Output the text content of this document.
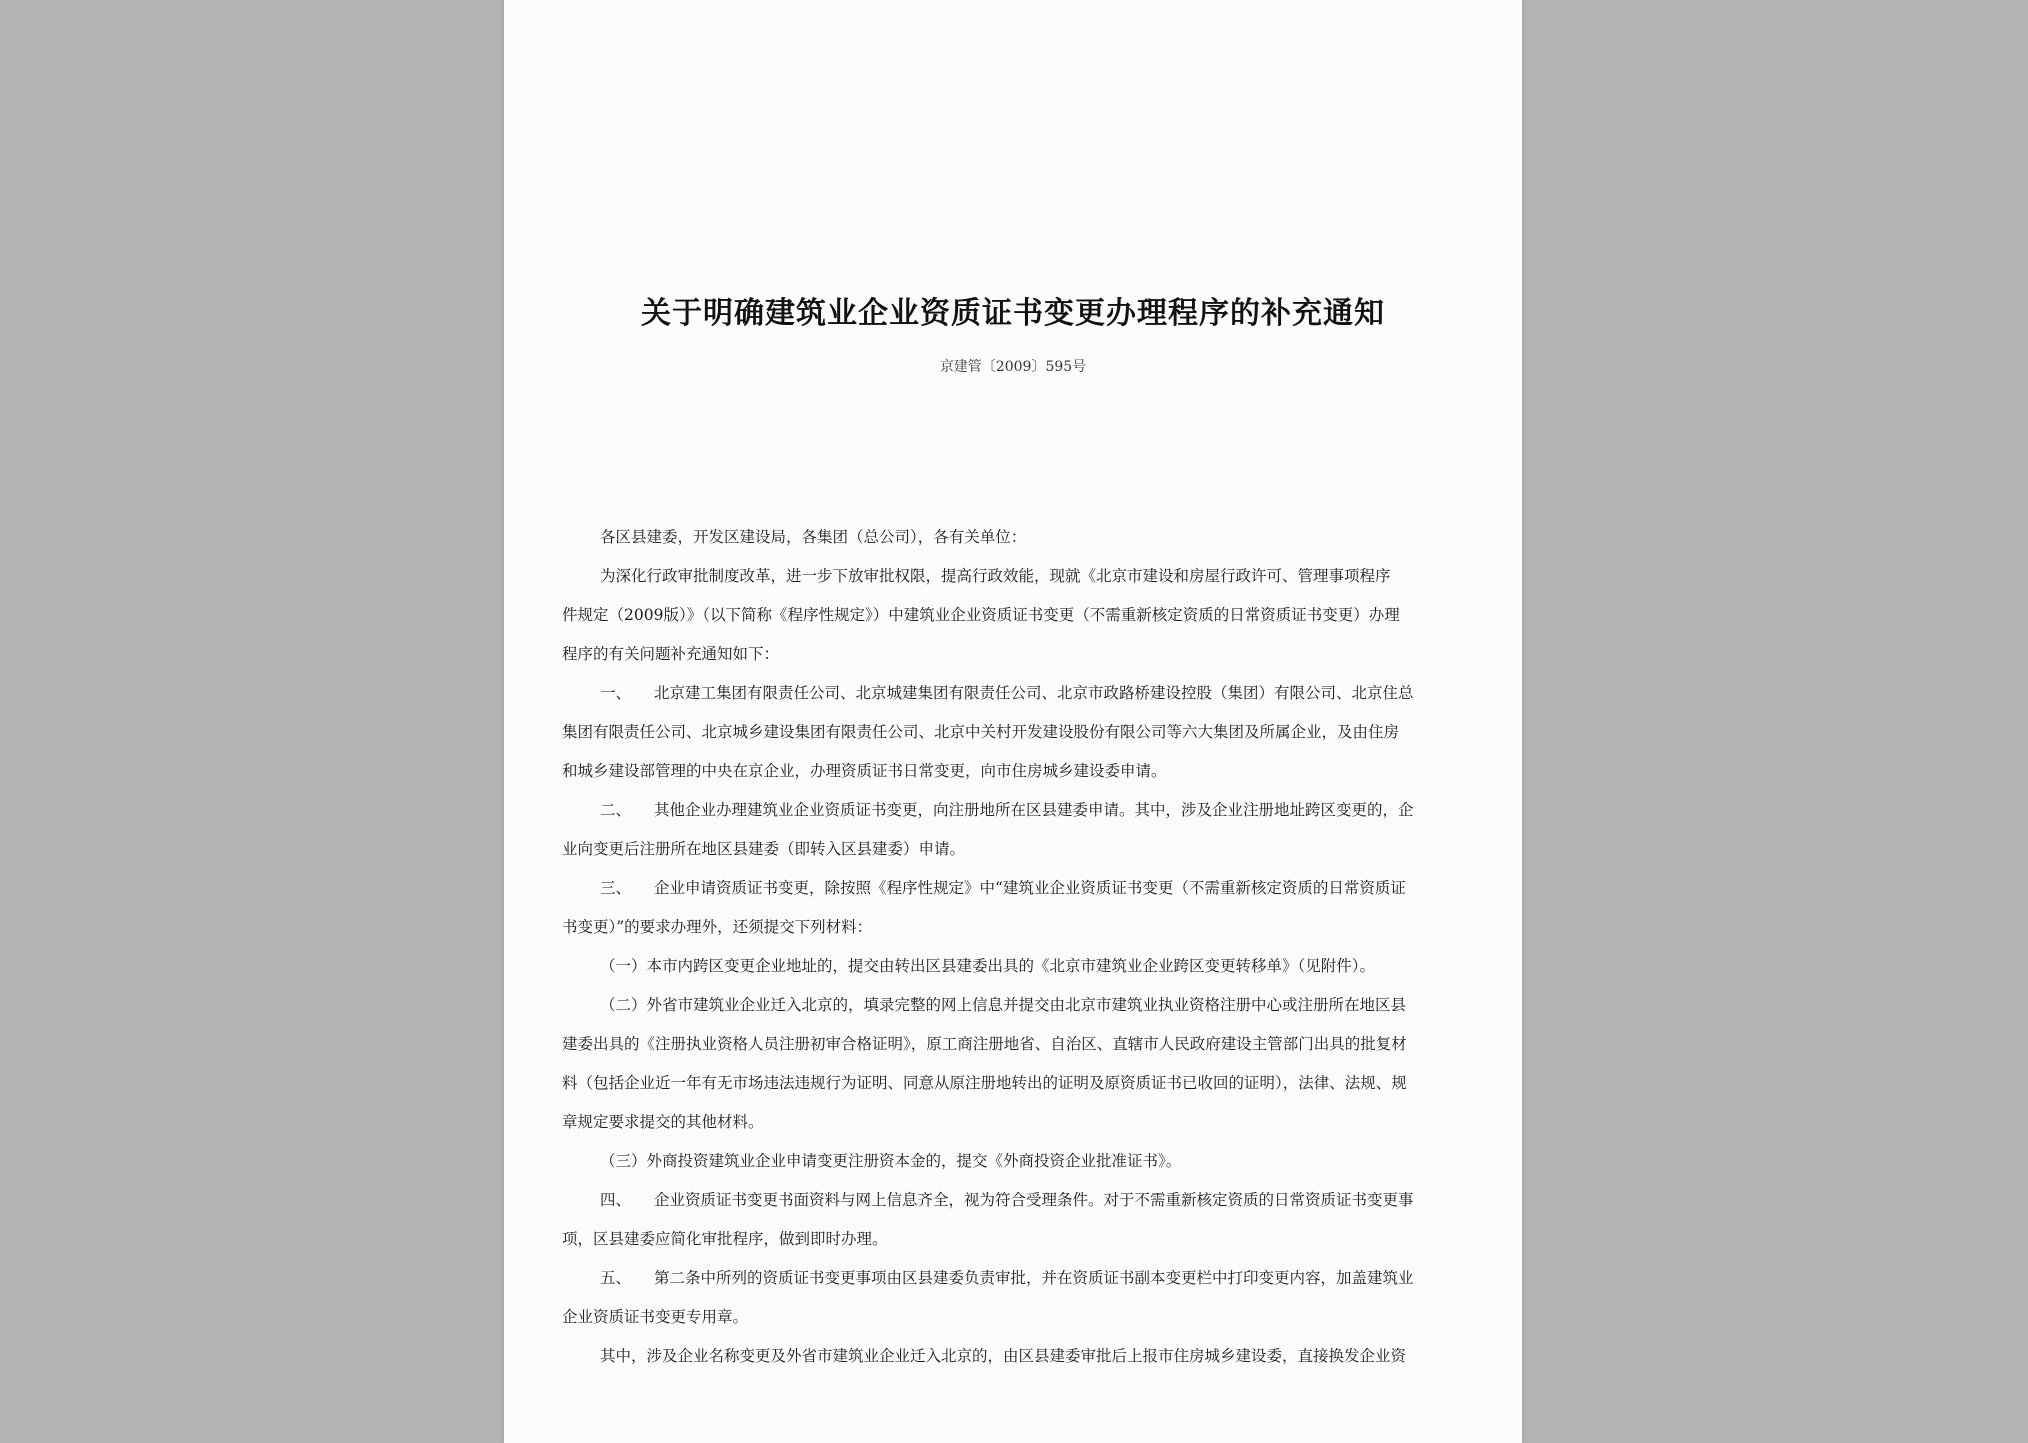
关于明确建筑业企业资质证书变更办理程序的补充通知
京建管〔2009〕595号
各区县建委，开发区建设局，各集团（总公司），各有关单位：
为深化行政审批制度改革，进一步下放审批权限，提高行政效能，现就《北京市建设和房屋行政许可、管理事项程序
件规定（2009版）》（以下简称《程序性规定》）中建筑业企业资质证书变更（不需重新核定资质的日常资质证书变更）办理
程序的有关问题补充通知如下：
一、 北京建工集团有限责任公司、北京城建集团有限责任公司、北京市政路桥建设控股（集团）有限公司、北京住总
集团有限责任公司、北京城乡建设集团有限责任公司、北京中关村开发建设股份有限公司等六大集团及所属企业，及由住房
和城乡建设部管理的中央在京企业，办理资质证书日常变更，向市住房城乡建设委申请。
二、 其他企业办理建筑业企业资质证书变更，向注册地所在区县建委申请。其中，涉及企业注册地址跨区变更的，企
业向变更后注册所在地区县建委（即转入区县建委）申请。
三、 企业申请资质证书变更，除按照《程序性规定》中“建筑业企业资质证书变更（不需重新核定资质的日常资质证
书变更）”的要求办理外，还须提交下列材料：
（一）本市内跨区变更企业地址的，提交由转出区县建委出具的《北京市建筑业企业跨区变更转移单》（见附件）。
（二）外省市建筑业企业迁入北京的，填录完整的网上信息并提交由北京市建筑业执业资格注册中心或注册所在地区县
建委出具的《注册执业资格人员注册初审合格证明》，原工商注册地省、自治区、直辖市人民政府建设主管部门出具的批复材
料（包括企业近一年有无市场违法违规行为证明、同意从原注册地转出的证明及原资质证书已收回的证明），法律、法规、规
章规定要求提交的其他材料。
（三）外商投资建筑业企业申请变更注册资本金的，提交《外商投资企业批准证书》。
四、 企业资质证书变更书面资料与网上信息齐全，视为符合受理条件。对于不需重新核定资质的日常资质证书变更事
项，区县建委应简化审批程序，做到即时办理。
五、 第二条中所列的资质证书变更事项由区县建委负责审批，并在资质证书副本变更栏中打印变更内容，加盖建筑业
企业资质证书变更专用章。
其中，涉及企业名称变更及外省市建筑业企业迁入北京的，由区县建委审批后上报市住房城乡建设委，直接换发企业资
